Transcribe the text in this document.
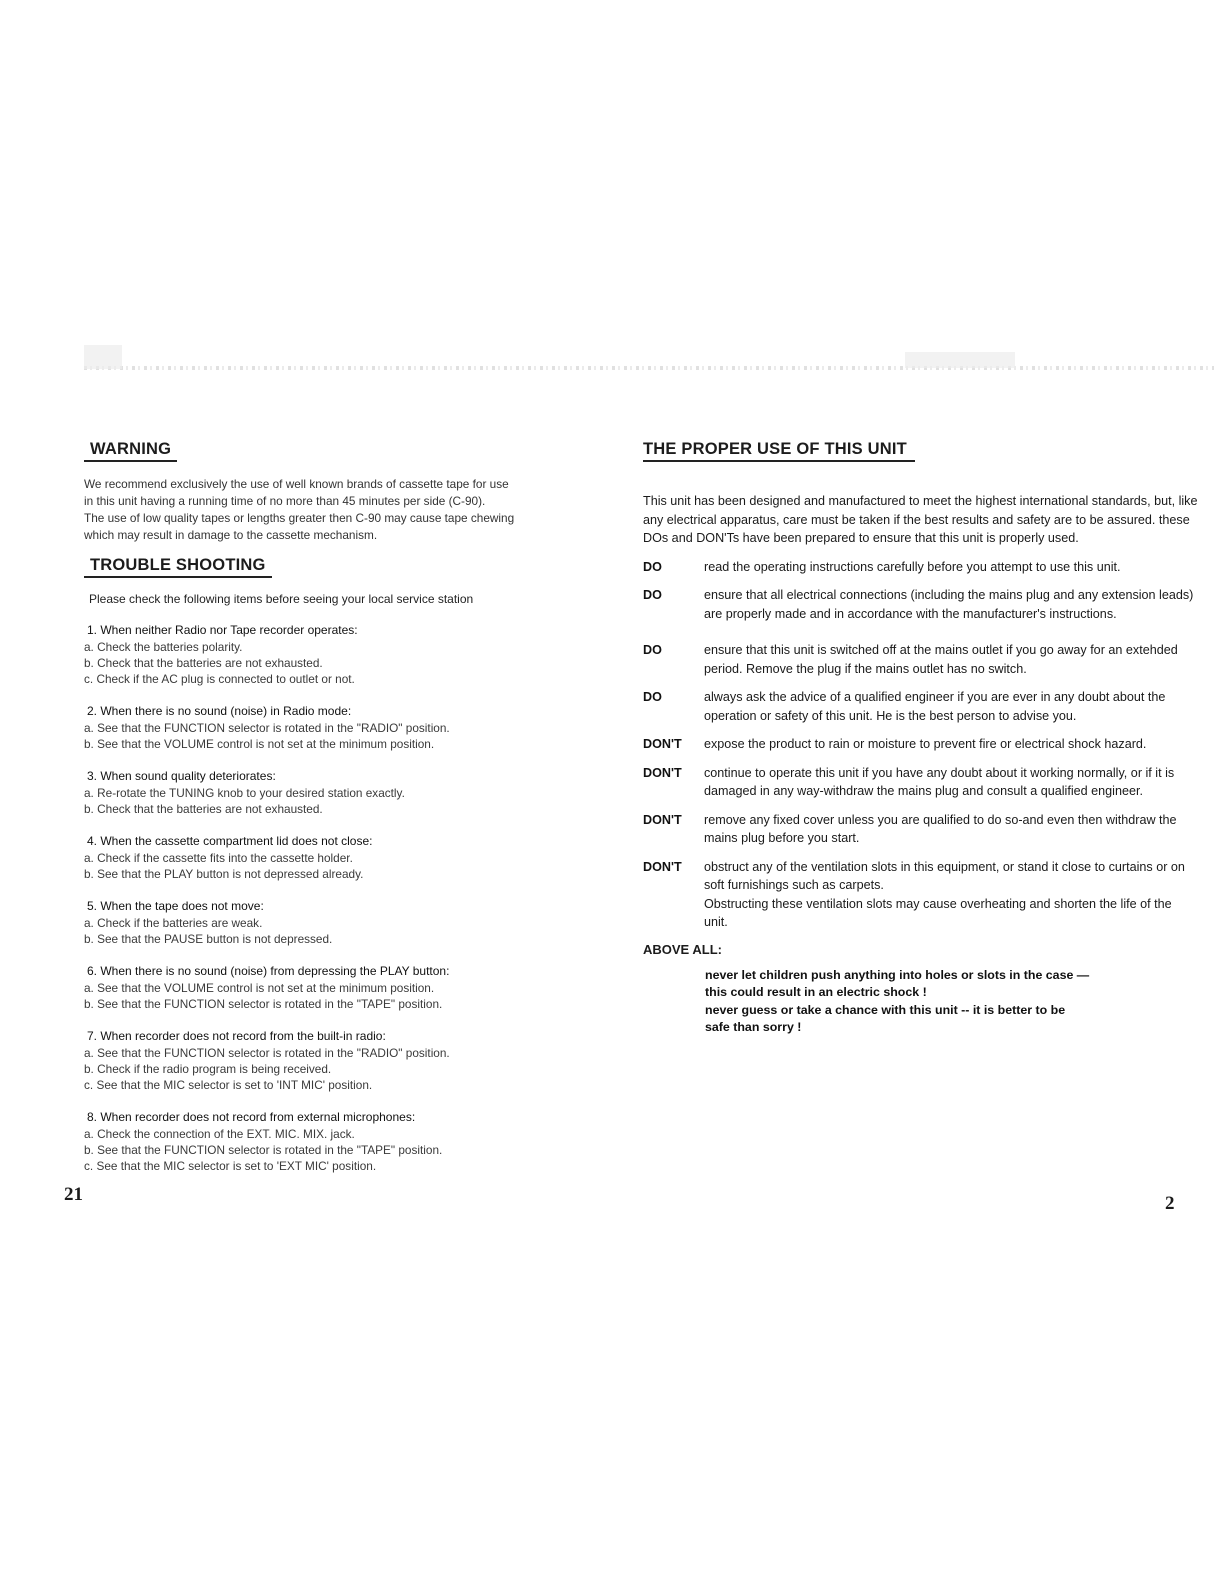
WARNING
We recommend exclusively the use of well known brands of cassette tape for use
in this unit having a running time of no more than 45 minutes per side (C-90).
The use of low quality tapes or lengths greater then C-90 may cause tape chewing
which may result in damage to the cassette mechanism.
TROUBLE SHOOTING
Please check the following items before seeing your local service station
1. When neither Radio nor Tape recorder operates:
a. Check the batteries polarity.
b. Check that the batteries are not exhausted.
c. Check if the AC plug is connected to outlet or not.
2. When there is no sound (noise) in Radio mode:
a. See that the FUNCTION selector is rotated in the "RADIO" position.
b. See that the VOLUME control is not set at the minimum position.
3. When sound quality deteriorates:
a. Re-rotate the TUNING knob to your desired station exactly.
b. Check that the batteries are not exhausted.
4. When the cassette compartment lid does not close:
a. Check if the cassette fits into the cassette holder.
b. See that the PLAY button is not depressed already.
5. When the tape does not move:
a. Check if the batteries are weak.
b. See that the PAUSE button is not depressed.
6. When there is no sound (noise) from depressing the PLAY button:
a. See that the VOLUME control is not set at the minimum position.
b. See that the FUNCTION selector is rotated in the "TAPE" position.
7. When recorder does not record from the built-in radio:
a. See that the FUNCTION selector is rotated in the "RADIO" position.
b. Check if the radio program is being received.
c. See that the MIC selector is set to 'INT MIC' position.
8. When recorder does not record from external microphones:
a. Check the connection of the EXT. MIC. MIX. jack.
b. See that the FUNCTION selector is rotated in the "TAPE" position.
c. See that the MIC selector is set to 'EXT MIC' position.
21
THE PROPER USE OF THIS UNIT
This unit has been designed and manufactured to meet the highest international standards, but, like any electrical apparatus, care must be taken if the best results and safety are to be assured. these DOs and DON'Ts have been prepared to ensure that this unit is properly used.
DO	read the operating instructions carefully before you attempt to use this unit.
DO	ensure that all electrical connections (including the mains plug and any extension leads) are properly made and in accordance with the manufacturer's instructions.
DO	ensure that this unit is switched off at the mains outlet if you go away for an extehded period. Remove the plug if the mains outlet has no switch.
DO	always ask the advice of a qualified engineer if you are ever in any doubt about the operation or safety of this unit. He is the best person to advise you.
DON'T	expose the product to rain or moisture to prevent fire or electrical shock hazard.
DON'T	continue to operate this unit if you have any doubt about it working normally, or if it is damaged in any way-withdraw the mains plug and consult a qualified engineer.
DON'T	remove any fixed cover unless you are qualified to do so-and even then withdraw the mains plug before you start.
DON'T	obstruct any of the ventilation slots in this equipment, or stand it close to curtains or on soft furnishings such as carpets.
Obstructing these ventilation slots may cause overheating and shorten the life of the unit.
ABOVE ALL:
never let children push anything into holes or slots in the case —
this could result in an electric shock !
never guess or take a chance with this unit -- it is better to be
safe than sorry !
2
